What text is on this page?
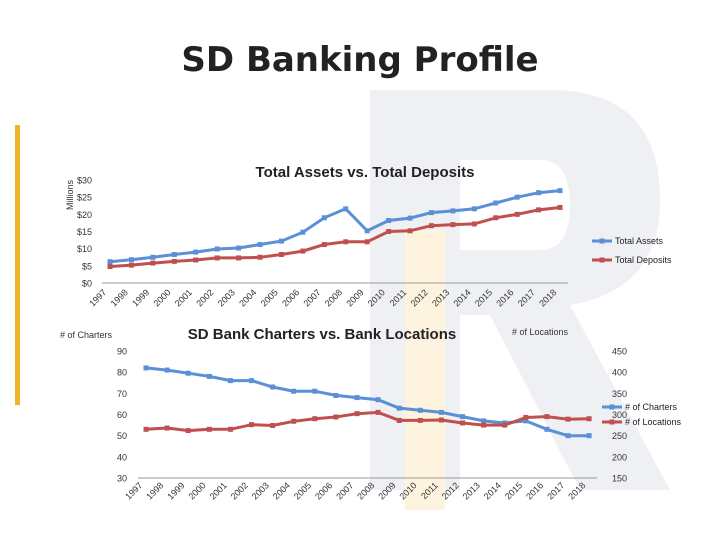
SD Banking Profile
Total Assets vs. Total Deposits
Millions
$0
$5
$10
$15
$20
$25
$30
1997 1998 1999 2000 2001 2002 2003 2004 2005 2006 2007 2008 2009 2010 2011 2012 2013 2014 2015 2016 2017 2018
Total Assets
Total Deposits
SD Bank Charters vs. Bank Locations
# of Charters	# of Locations
30
40
50
60
70
80
90
150
200
250
300
350
400
450
1997 1998 1999 2000 2001 2002 2003 2004 2005 2006 2007 2008 2009 2010 2011 2012 2013 2014 2015 2016 2017 2018
# of Charters
# of Locations
